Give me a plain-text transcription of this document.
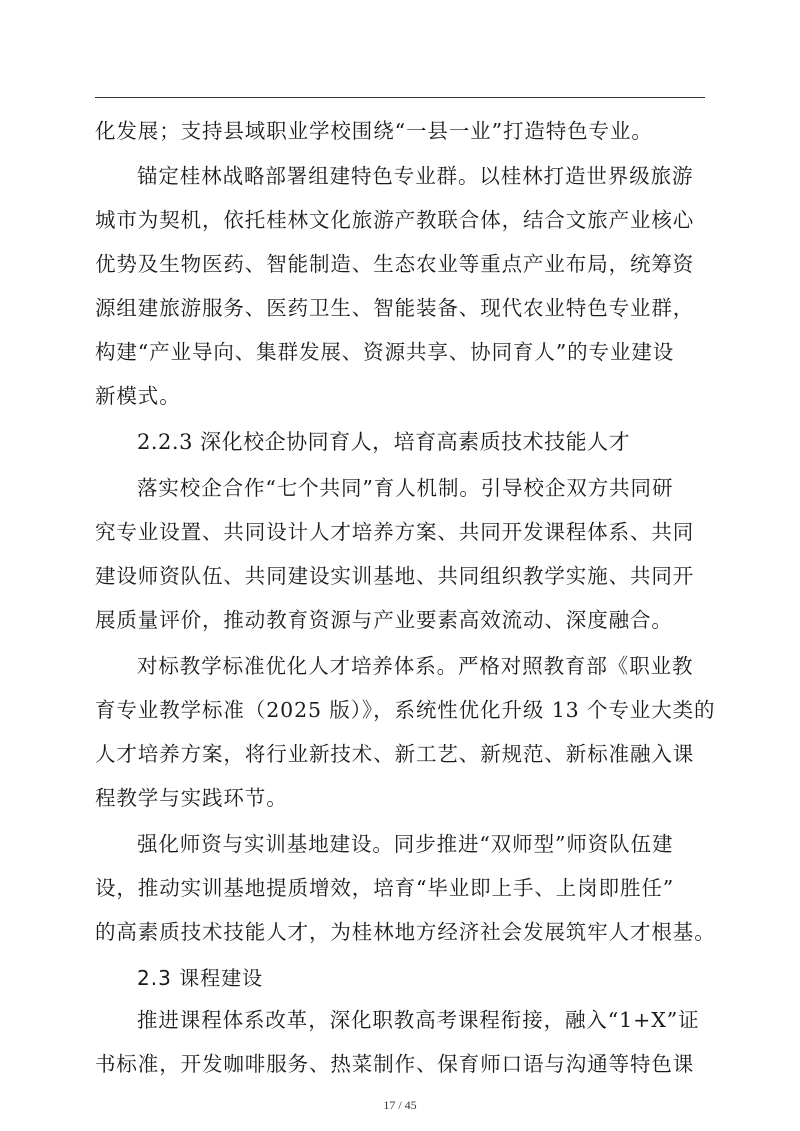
化发展；支持县域职业学校围绕“一县一业”打造特色专业。
锚定桂林战略部署组建特色专业群。以桂林打造世界级旅游
城市为契机，依托桂林文化旅游产教联合体，结合文旅产业核心
优势及生物医药、智能制造、生态农业等重点产业布局，统筹资
源组建旅游服务、医药卫生、智能装备、现代农业特色专业群，
构建“产业导向、集群发展、资源共享、协同育人”的专业建设
新模式。
2.2.3 深化校企协同育人，培育高素质技术技能人才
落实校企合作“七个共同”育人机制。引导校企双方共同研
究专业设置、共同设计人才培养方案、共同开发课程体系、共同
建设师资队伍、共同建设实训基地、共同组织教学实施、共同开
展质量评价，推动教育资源与产业要素高效流动、深度融合。
对标教学标准优化人才培养体系。严格对照教育部《职业教
育专业教学标准（2025 版）》，系统性优化升级 13 个专业大类的
人才培养方案，将行业新技术、新工艺、新规范、新标准融入课
程教学与实践环节。
强化师资与实训基地建设。同步推进“双师型”师资队伍建
设，推动实训基地提质增效，培育“毕业即上手、上岗即胜任”
的高素质技术技能人才，为桂林地方经济社会发展筑牢人才根基。
17 / 45
2.3 课程建设
推进课程体系改革，深化职教高考课程衔接，融入“1+X”证
书标准，开发咖啡服务、热菜制作、保育师口语与沟通等特色课
